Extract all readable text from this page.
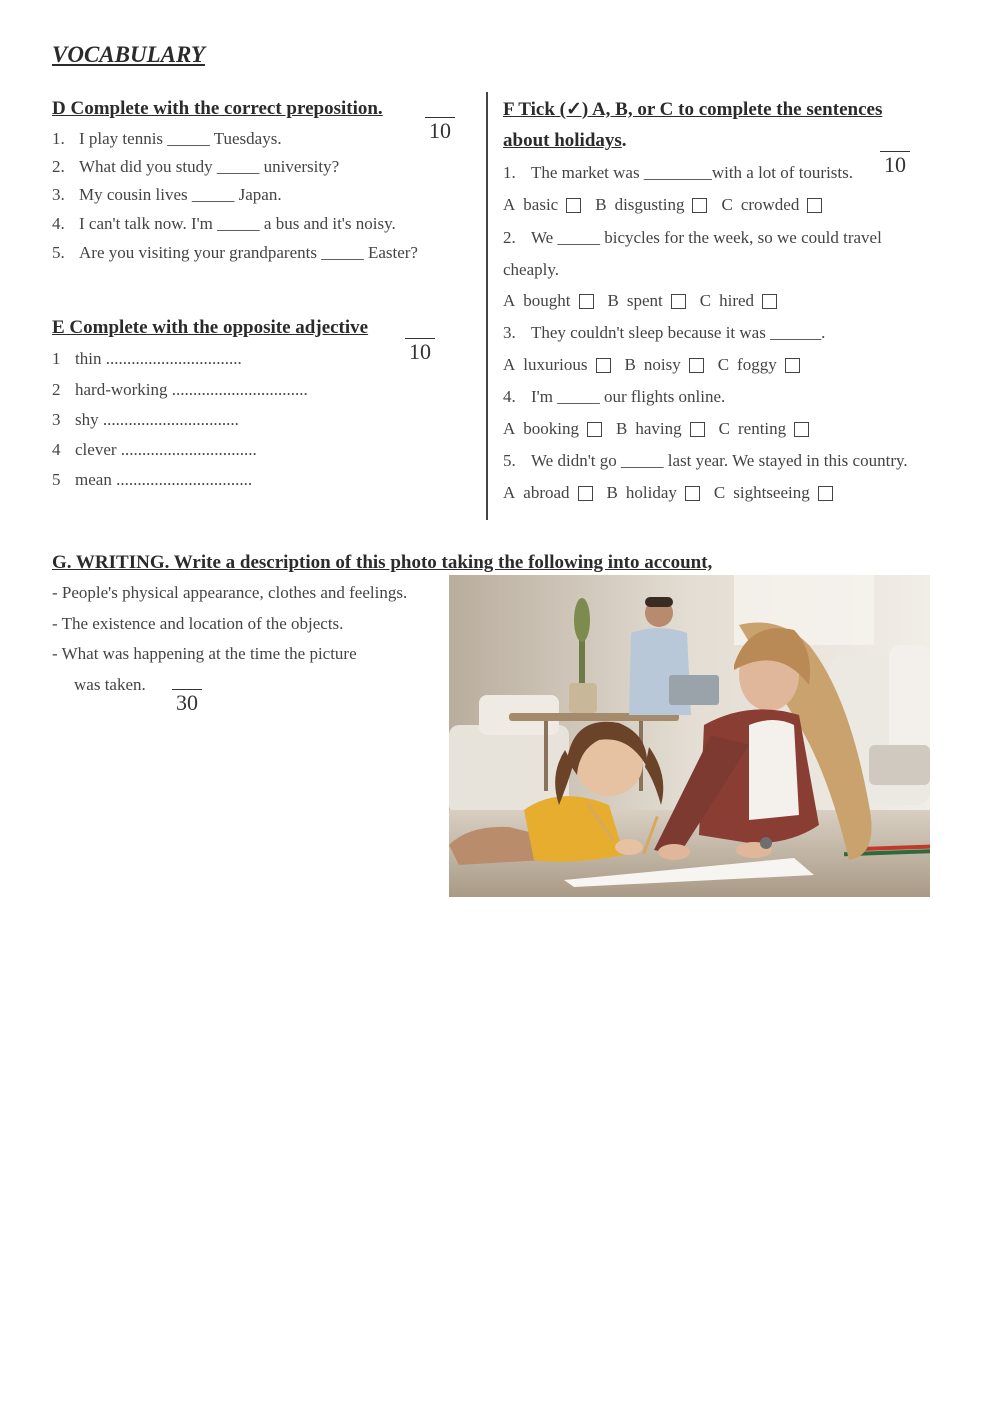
VOCABULARY
D Complete with the correct preposition.
10
1. I play tennis _____ Tuesdays.
2. What did you study _____ university?
3. My cousin lives _____ Japan.
4. I can't talk now. I'm _____ a bus and it's noisy.
5. Are you visiting your grandparents _____ Easter?
E Complete with the opposite adjective
10
1 thin ................................
2 hard-working ................................
3 shy ................................
4 clever ................................
5 mean ................................
F Tick (✓) A, B, or C to complete the sentences
about holidays.
10
1. The market was ________with a lot of tourists.
A basic B disgusting C crowded
2. We _____ bicycles for the week, so we could travel
cheaply.
A bought B spent C hired
3. They couldn't sleep because it was ______.
A luxurious B noisy C foggy
4. I'm _____ our flights online.
A booking B having C renting
5. We didn't go _____ last year. We stayed in this country.
A abroad B holiday C sightseeing
G. WRITING. Write a description of this photo taking the following into account,
- People's physical appearance, clothes and feelings.
- The existence and location of the objects.
- What was happening at the time the picture
was taken.
30
